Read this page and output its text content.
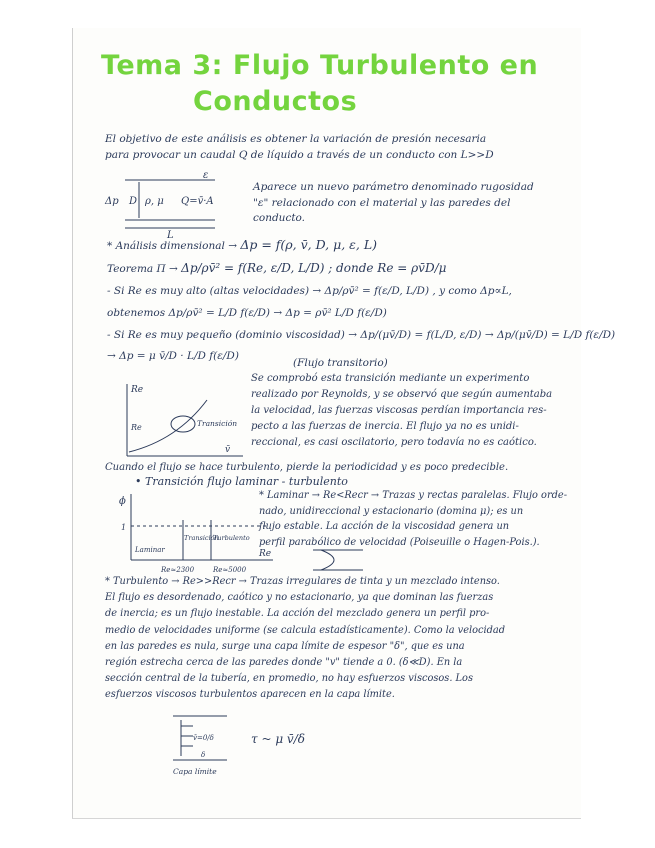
Tema 3: Flujo Turbulento en
Conductos
El objetivo de este análisis es obtener la variación de presión necesaria
para provocar un caudal Q de líquido a través de un conducto con L>>D
ε
Δp D ρ, μ Q=v̄·A
L
Aparece un nuevo parámetro denominado rugosidad
"ε" relacionado con el material y las paredes del
conducto.
* Análisis dimensional → Δp = f(ρ, v̄, D, μ, ε, L)
Teorema Π → Δp/ρv̄² = f(Re, ε/D, L/D) ; donde Re = ρv̄D/μ
- Si Re es muy alto (altas velocidades) → Δp/ρv̄² = f(ε/D, L/D) , y como Δp∝L,
obtenemos Δp/ρv̄² = L/D f(ε/D) → Δp = ρv̄² L/D f(ε/D)
- Si Re es muy pequeño (dominio viscosidad) → Δp/(μv̄/D) = f(L/D, ε/D) → Δp/(μv̄/D) = L/D f(ε/D)
→ Δp = μ v̄/D · L/D f(ε/D)
Re
Re	Transición
v̄
(Flujo transitorio)
Se comprobó esta transición mediante un experimento
realizado por Reynolds, y se observó que según aumentaba
la velocidad, las fuerzas viscosas perdían importancia res-
pecto a las fuerzas de inercia. El flujo ya no es unidi-
reccional, es casi oscilatorio, pero todavía no es caótico.
Cuando el flujo se hace turbulento, pierde la periodicidad y es poco predecible.
• Transición flujo laminar - turbulento
ϕ
1
Re
Laminar
Transición
Turbulento
Re≈2300	Re≈5000
* Laminar → Re<Recr → Trazas y rectas paralelas. Flujo orde-
nado, unidireccional y estacionario (domina μ); es un
flujo estable. La acción de la viscosidad genera un
perfil parabólico de velocidad (Poiseuille o Hagen-Pois.).
* Turbulento → Re>>Recr → Trazas irregulares de tinta y un mezclado intenso.
El flujo es desordenado, caótico y no estacionario, ya que dominan las fuerzas
de inercia; es un flujo inestable. La acción del mezclado genera un perfil pro-
medio de velocidades uniforme (se calcula estadísticamente). Como la velocidad
en las paredes es nula, surge una capa límite de espesor "δ", que es una
región estrecha cerca de las paredes donde "v" tiende a 0. (δ≪D). En la
sección central de la tubería, en promedio, no hay esfuerzos viscosos. Los
esfuerzos viscosos turbulentos aparecen en la capa límite.
v̄=0/δ
δ
Capa límite
τ ~ μ v̄/δ
